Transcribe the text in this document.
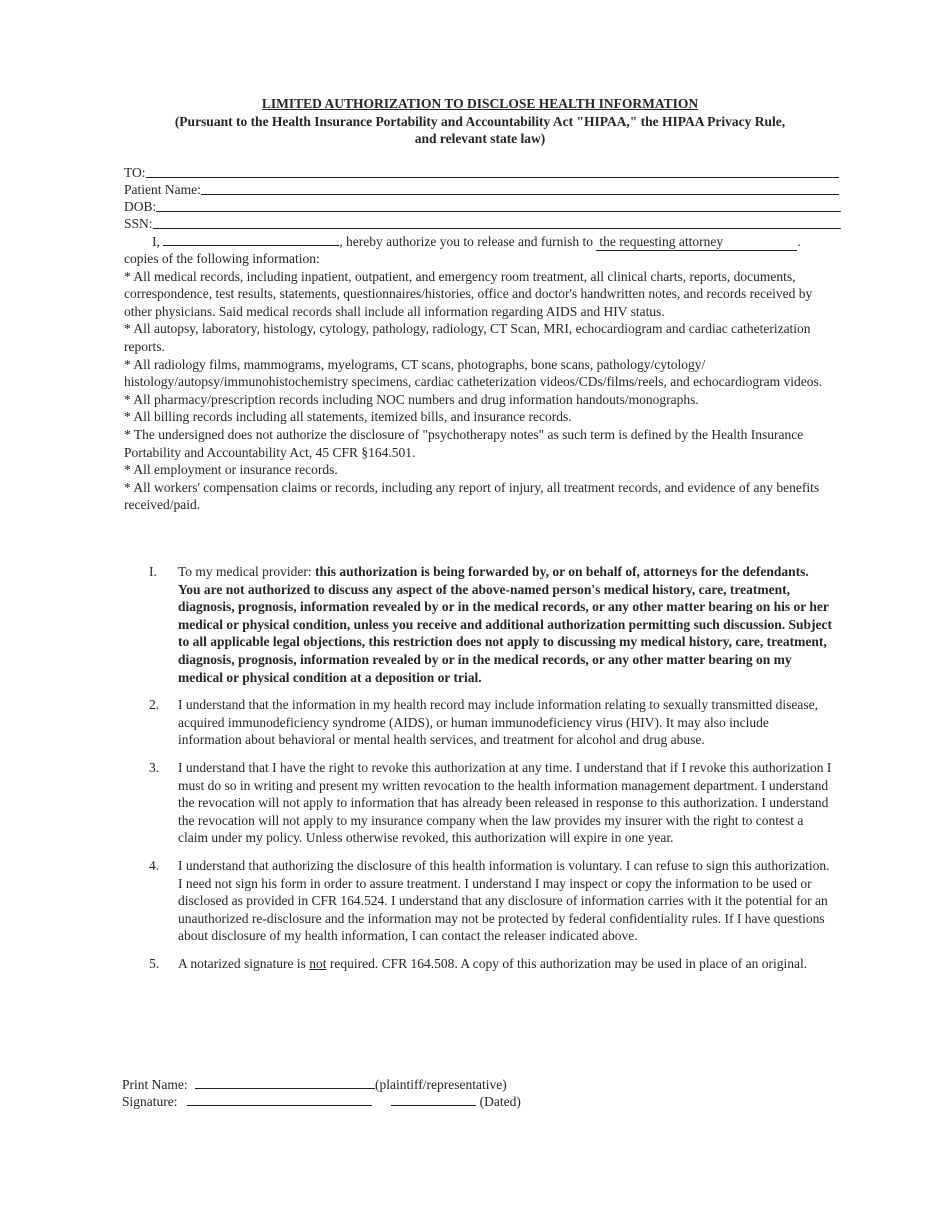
LIMITED AUTHORIZATION TO DISCLOSE HEALTH INFORMATION
(Pursuant to the Health Insurance Portability and Accountability Act "HIPAA," the HIPAA Privacy Rule,
and relevant state law)
TO:
Patient Name:
DOB:
SSN:
I,	, hereby authorize you to release and furnish to the requesting attorney	.

copies of the following information:

* All medical records, including inpatient, outpatient, and emergency room treatment, all clinical charts, reports, documents, correspondence, test results, statements, questionnaires/histories, office and doctor's handwritten notes, and records received by other physicians. Said medical records shall include all information regarding AIDS and HIV status.

* All autopsy, laboratory, histology, cytology, pathology, radiology, CT Scan, MRI, echocardiogram and cardiac catheterization reports.

* All radiology films, mammograms, myelograms, CT scans, photographs, bone scans, pathology/cytology/ histology/autopsy/immunohistochemistry specimens, cardiac catheterization videos/CDs/films/reels, and echocardiogram videos.

* All pharmacy/prescription records including NOC numbers and drug information handouts/monographs.

* All billing records including all statements, itemized bills, and insurance records.

* The undersigned does not authorize the disclosure of "psychotherapy notes" as such term is defined by the Health Insurance Portability and Accountability Act, 45 CFR §164.501.

* All employment or insurance records.

* All workers' compensation claims or records, including any report of injury, all treatment records, and evidence of any benefits received/paid.

I. To my medical provider: this authorization is being forwarded by, or on behalf of, attorneys for the defendants. You are not authorized to discuss any aspect of the above-named person's medical history, care, treatment, diagnosis, prognosis, information revealed by or in the medical records, or any other matter bearing on his or her medical or physical condition, unless you receive and additional authorization permitting such discussion. Subject to all applicable legal objections, this restriction does not apply to discussing my medical history, care, treatment, diagnosis, prognosis, information revealed by or in the medical records, or any other matter bearing on my medical or physical condition at a deposition or trial.
2. I understand that the information in my health record may include information relating to sexually transmitted disease, acquired immunodeficiency syndrome (AIDS), or human immunodeficiency virus (HIV). It may also include information about behavioral or mental health services, and treatment for alcohol and drug abuse.
3. I understand that I have the right to revoke this authorization at any time. I understand that if I revoke this authorization I must do so in writing and present my written revocation to the health information management department. I understand the revocation will not apply to information that has already been released in response to this authorization. I understand the revocation will not apply to my insurance company when the law provides my insurer with the right to contest a claim under my policy. Unless otherwise revoked, this authorization will expire in one year.
4. I understand that authorizing the disclosure of this health information is voluntary. I can refuse to sign this authorization. I need not sign his form in order to assure treatment. I understand I may inspect or copy the information to be used or disclosed as provided in CFR 164.524. I understand that any disclosure of information carries with it the potential for an unauthorized re-disclosure and the information may not be protected by federal confidentiality rules. If I have questions about disclosure of my health information, I can contact the releaser indicated above.
5. A notarized signature is not required. CFR 164.508. A copy of this authorization may be used in place of an original.
Print Name:	(plaintiff/representative)
Signature:	(Dated)
